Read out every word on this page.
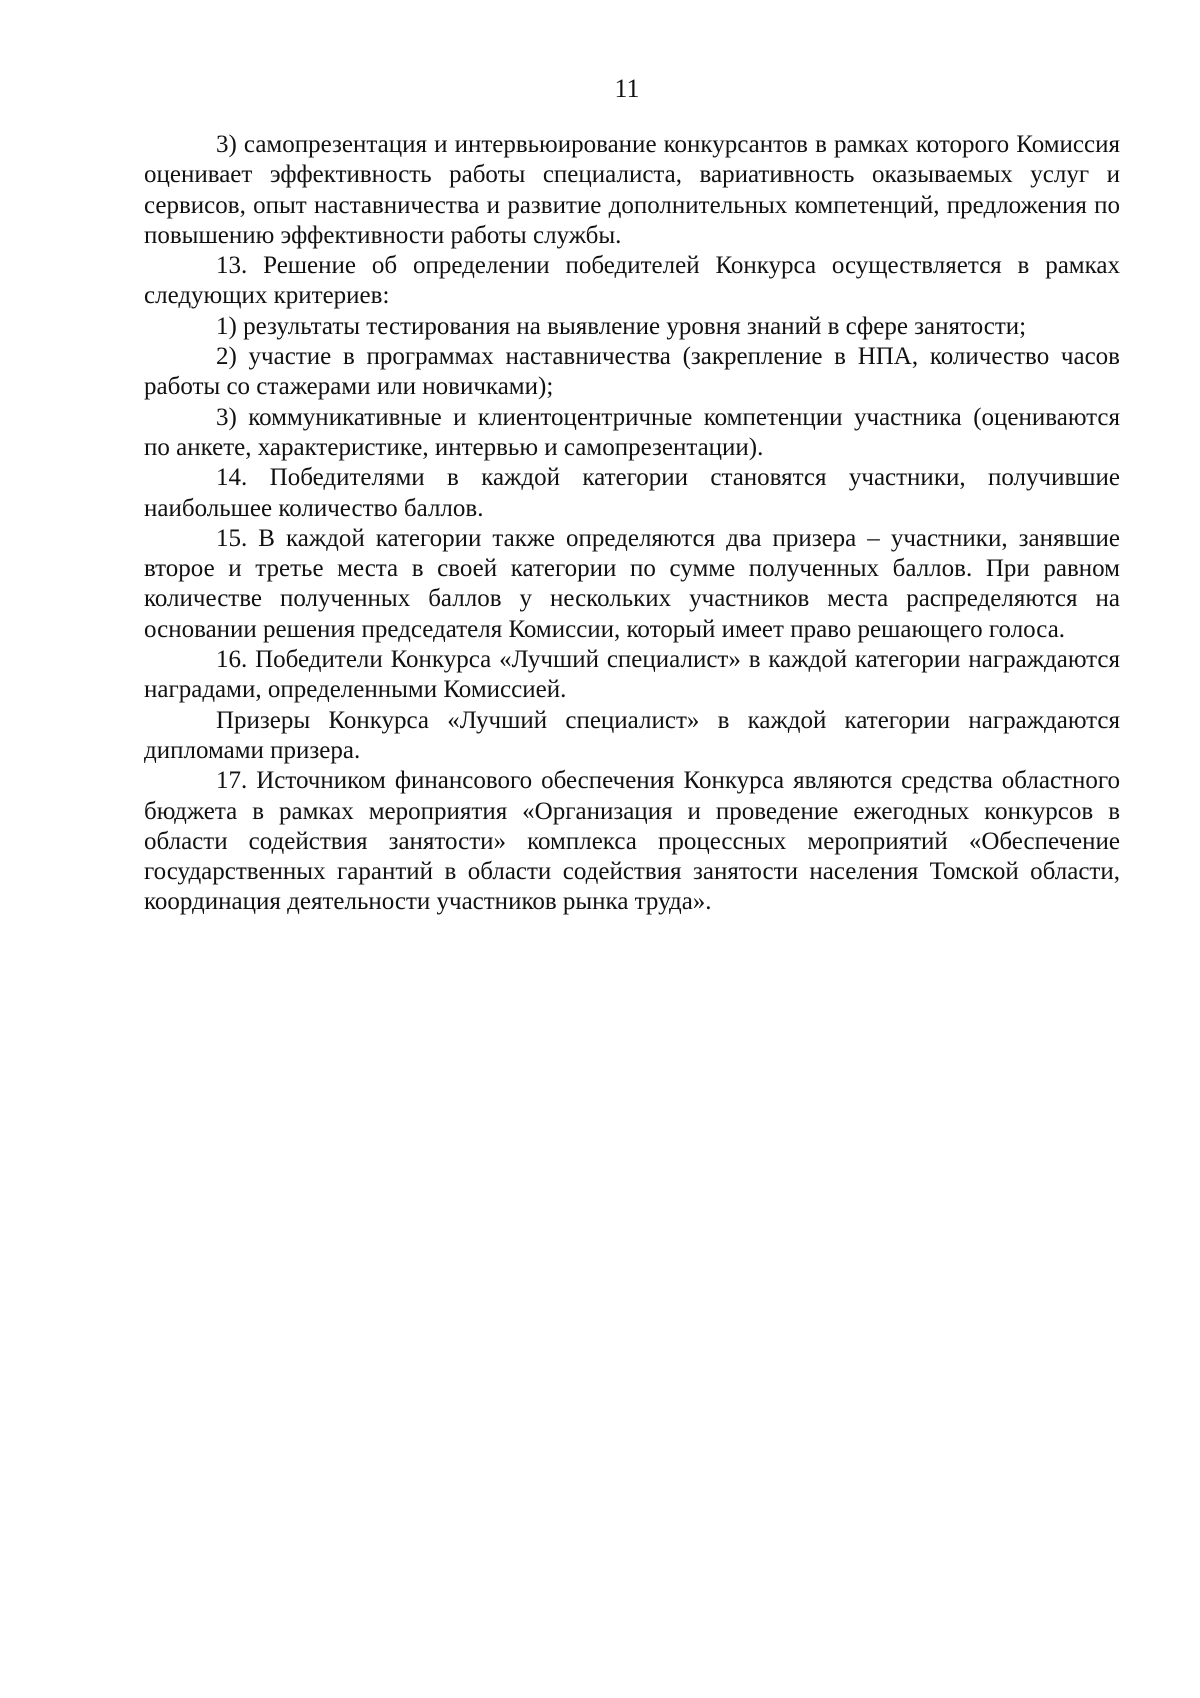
11

3) самопрезентация и интервьюирование конкурсантов в рамках которого Комиссия оценивает эффективность работы специалиста, вариативность оказываемых услуг и сервисов, опыт наставничества и развитие дополнительных компетенций, предложения по повышению эффективности работы службы.

13. Решение об определении победителей Конкурса осуществляется в рамках следующих критериев:

1) результаты тестирования на выявление уровня знаний в сфере занятости;

2) участие в программах наставничества (закрепление в НПА, количество часов работы со стажерами или новичками);

3) коммуникативные и клиентоцентричные компетенции участника (оцениваются по анкете, характеристике, интервью и самопрезентации).

14. Победителями в каждой категории становятся участники, получившие наибольшее количество баллов.

15. В каждой категории также определяются два призера – участники, занявшие второе и третье места в своей категории по сумме полученных баллов. При равном количестве полученных баллов у нескольких участников места распределяются на основании решения председателя Комиссии, который имеет право решающего голоса.

16. Победители Конкурса «Лучший специалист» в каждой категории награждаются наградами, определенными Комиссией.

Призеры Конкурса «Лучший специалист» в каждой категории награждаются дипломами призера.

17. Источником финансового обеспечения Конкурса являются средства областного бюджета в рамках мероприятия «Организация и проведение ежегодных конкурсов в области содействия занятости» комплекса процессных мероприятий «Обеспечение государственных гарантий в области содействия занятости населения Томской области, координация деятельности участников рынка труда».
